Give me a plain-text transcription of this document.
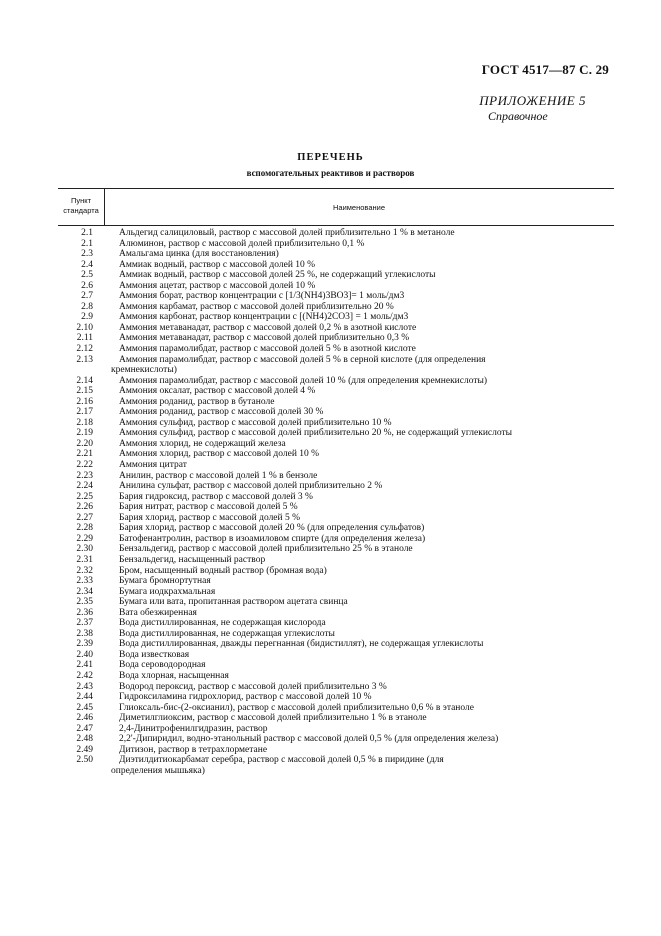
ГОСТ 4517—87 С. 29
ПРИЛОЖЕНИЕ 5
Справочное
ПЕРЕЧЕНЬ
вспомогательных реактивов и растворов
Пункт
стандарта	Наименование
2.1	Альдегид салициловый, раствор с массовой долей приблизительно 1 % в метаноле
2.1	Алюминон, раствор с массовой долей приблизительно 0,1 %
2.3	Амальгама цинка (для восстановления)
2.4	Аммиак водный, раствор с массовой долей 10 %
2.5	Аммиак водный, раствор с массовой долей 25 %, не содержащий углекислоты
2.6	Аммония ацетат, раствор с массовой долей 10 %
2.7	Аммония борат, раствор концентрации c [1/3(NH4)3BO3]= 1 моль/дм3
2.8	Аммония карбамат, раствор с массовой долей приблизительно 20 %
2.9	Аммония карбонат, раствор концентрации c [(NH4)2CO3] = 1 моль/дм3
2.10	Аммония метаванадат, раствор с массовой долей 0,2 % в азотной кислоте
2.11	Аммония метаванадат, раствор с массовой долей приблизительно 0,3 %
2.12	Аммония парамолибдат, раствор с массовой долей 5 % в азотной кислоте
2.13	Аммония парамолибдат, раствор с массовой долей 5 % в серной кислоте (для определения
кремнекислоты)
2.14	Аммония парамолибдат, раствор с массовой долей 10 % (для определения кремнекислоты)
2.15	Аммония оксалат, раствор с массовой долей 4 %
2.16	Аммония роданид, раствор в бутаноле
2.17	Аммония роданид, раствор с массовой долей 30 %
2.18	Аммония сульфид, раствор с массовой долей приблизительно 10 %
2.19	Аммония сульфид, раствор с массовой долей приблизительно 20 %, не содержащий углекислоты
2.20	Аммония хлорид, не содержащий железа
2.21	Аммония хлорид, раствор с массовой долей 10 %
2.22	Аммония цитрат
2.23	Анилин, раствор с массовой долей 1 % в бензоле
2.24	Анилина сульфат, раствор с массовой долей приблизительно 2 %
2.25	Бария гидроксид, раствор с массовой долей 3 %
2.26	Бария нитрат, раствор с массовой долей 5 %
2.27	Бария хлорид, раствор с массовой долей 5 %
2.28	Бария хлорид, раствор с массовой долей 20 % (для определения сульфатов)
2.29	Батофенантролин, раствор в изоамиловом спирте (для определения железа)
2.30	Бензальдегид, раствор с массовой долей приблизительно 25 % в этаноле
2.31	Бензальдегид, насыщенный раствор
2.32	Бром, насыщенный водный раствор (бромная вода)
2.33	Бумага бромнортутная
2.34	Бумага иодкрахмальная
2.35	Бумага или вата, пропитанная раствором ацетата свинца
2.36	Вата обезжиренная
2.37	Вода дистиллированная, не содержащая кислорода
2.38	Вода дистиллированная, не содержащая углекислоты
2.39	Вода дистиллированная, дважды перегнанная (бидистиллят), не содержащая углекислоты
2.40	Вода известковая
2.41	Вода сероводородная
2.42	Вода хлорная, насыщенная
2.43	Водород пероксид, раствор с массовой долей приблизительно 3 %
2.44	Гидроксиламина гидрохлорид, раствор с массовой долей 10 %
2.45	Глиоксаль-бис-(2-оксианил), раствор с массовой долей приблизительно 0,6 % в этаноле
2.46	Диметилглиоксим, раствор с массовой долей приблизительно 1 % в этаноле
2.47	2,4-Динитрофенилгидразин, раствор
2.48	2,2'-Дипиридил, водно-этанольный раствор с массовой долей 0,5 % (для определения железа)
2.49	Дитизон, раствор в тетрахлорметане
2.50	Диэтилдитиокарбамат серебра, раствор с массовой долей 0,5 % в пиридине (для
определения мышьяка)
